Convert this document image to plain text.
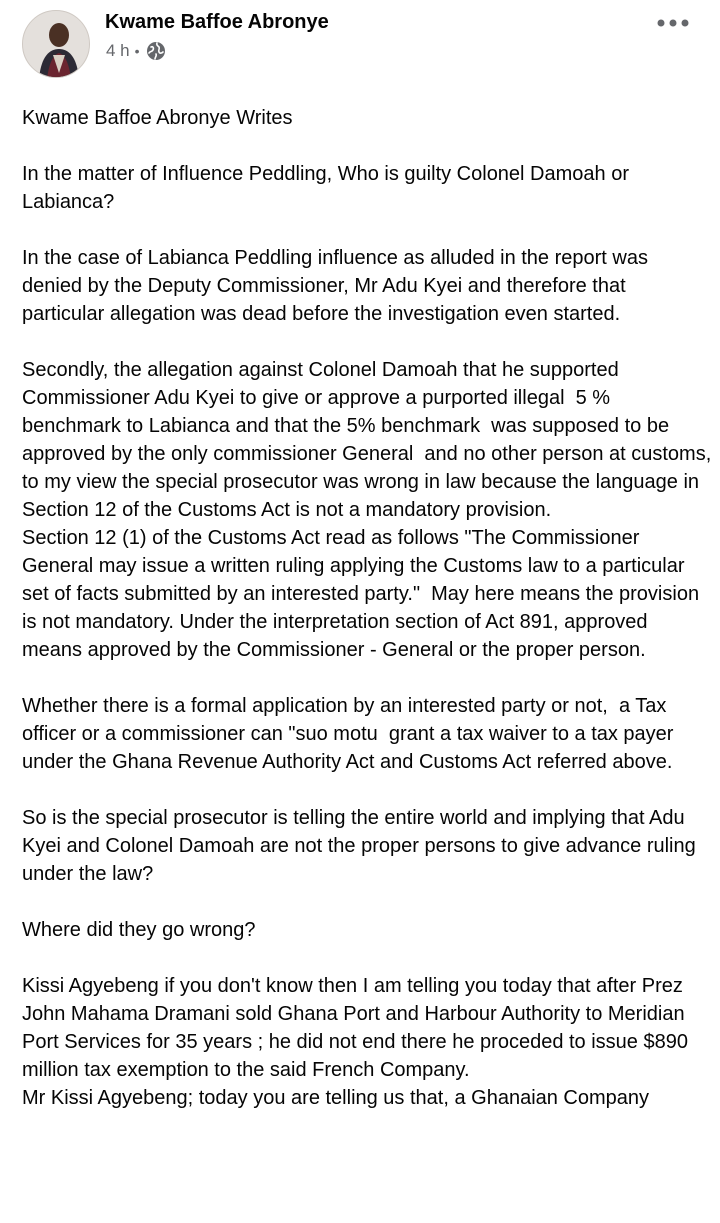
Kwame Baffoe Abronye
4 h •

Kwame Baffoe Abronye Writes

In the matter of Influence Peddling, Who is guilty Colonel Damoah or Labianca?

In the case of Labianca Peddling influence as alluded in the report was denied by the Deputy Commissioner, Mr Adu Kyei and therefore that particular allegation was dead before the investigation even started.

Secondly, the allegation against Colonel Damoah that he supported Commissioner Adu Kyei to give or approve a purported illegal  5 % benchmark to Labianca and that the 5% benchmark  was supposed to be approved by the only commissioner General  and no other person at customs, to my view the special prosecutor was wrong in law because the language in Section 12 of the Customs Act is not a mandatory provision.

Section 12 (1) of the Customs Act read as follows "The Commissioner General may issue a written ruling applying the Customs law to a particular set of facts submitted by an interested party."  May here means the provision is not mandatory. Under the interpretation section of Act 891, approved means approved by the Commissioner - General or the proper person.

Whether there is a formal application by an interested party or not,  a Tax officer or a commissioner can "suo motu  grant a tax waiver to a tax payer under the Ghana Revenue Authority Act and Customs Act referred above.

So is the special prosecutor is telling the entire world and implying that Adu Kyei and Colonel Damoah are not the proper persons to give advance ruling under the law?

Where did they go wrong?

Kissi Agyebeng if you don't know then I am telling you today that after Prez John Mahama Dramani sold Ghana Port and Harbour Authority to Meridian Port Services for 35 years ; he did not end there he proceded to issue $890 million tax exemption to the said French Company.

Mr Kissi Agyebeng; today you are telling us that, a Ghanaian Company
